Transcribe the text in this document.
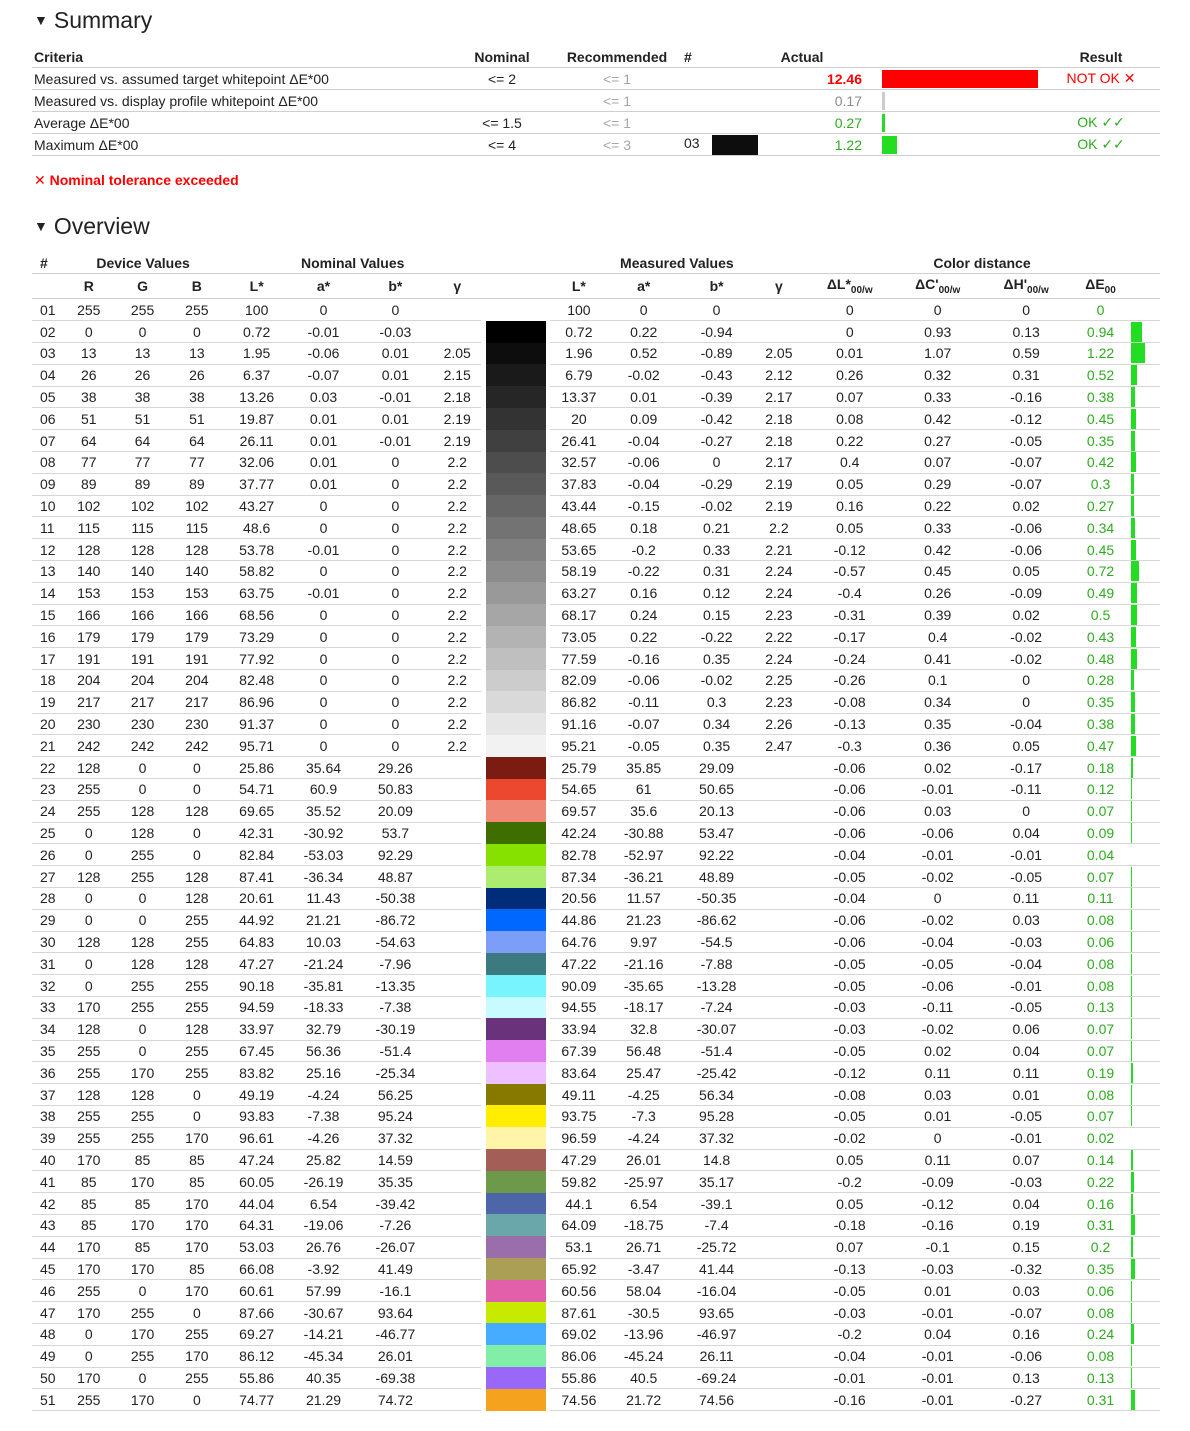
▼ Summary
Criteria	Nominal	Recommended	#	Actual			Result
Measured vs. assumed target whitepoint ΔE*00	<= 2	<= 1			12.46		NOT OK ✕
Measured vs. display profile whitepoint ΔE*00		<= 1			0.17	

Average ΔE*00	<= 1.5	<= 1			0.27		OK ✓✓
Maximum ΔE*00	<= 4	<= 3	03		1.22		OK ✓✓
✕ Nominal tolerance exceeded
▼ Overview
#	Device Values			Nominal Values					Measured Values				Color distance				
	R	G	B	L*	a*	b*	γ		L*	a*	b*	γ	$\Delta L*_{00/w}$	$\Delta C'_{00/w}$	$\Delta H'_{00/w}$	$\Delta E_{00}$	
01	255	255	255	100	0	0			100	0	0		0	0	0	0	

02	0	0	0	0.72	-0.01	-0.03			0.72	0.22	-0.94		0	0.93	0.13	0.94	

03	13	13	13	1.95	-0.06	0.01	2.05		1.96	0.52	-0.89	2.05	0.01	1.07	0.59	1.22	

04	26	26	26	6.37	-0.07	0.01	2.15		6.79	-0.02	-0.43	2.12	0.26	0.32	0.31	0.52	

05	38	38	38	13.26	0.03	-0.01	2.18		13.37	0.01	-0.39	2.17	0.07	0.33	-0.16	0.38	

06	51	51	51	19.87	0.01	0.01	2.19		20	0.09	-0.42	2.18	0.08	0.42	-0.12	0.45	

07	64	64	64	26.11	0.01	-0.01	2.19		26.41	-0.04	-0.27	2.18	0.22	0.27	-0.05	0.35	

08	77	77	77	32.06	0.01	0	2.2		32.57	-0.06	0	2.17	0.4	0.07	-0.07	0.42	

09	89	89	89	37.77	0.01	0	2.2		37.83	-0.04	-0.29	2.19	0.05	0.29	-0.07	0.3	

10	102	102	102	43.27	0	0	2.2		43.44	-0.15	-0.02	2.19	0.16	0.22	0.02	0.27	

11	115	115	115	48.6	0	0	2.2		48.65	0.18	0.21	2.2	0.05	0.33	-0.06	0.34	

12	128	128	128	53.78	-0.01	0	2.2		53.65	-0.2	0.33	2.21	-0.12	0.42	-0.06	0.45	

13	140	140	140	58.82	0	0	2.2		58.19	-0.22	0.31	2.24	-0.57	0.45	0.05	0.72	

14	153	153	153	63.75	-0.01	0	2.2		63.27	0.16	0.12	2.24	-0.4	0.26	-0.09	0.49	

15	166	166	166	68.56	0	0	2.2		68.17	0.24	0.15	2.23	-0.31	0.39	0.02	0.5	

16	179	179	179	73.29	0	0	2.2		73.05	0.22	-0.22	2.22	-0.17	0.4	-0.02	0.43	

17	191	191	191	77.92	0	0	2.2		77.59	-0.16	0.35	2.24	-0.24	0.41	-0.02	0.48	

18	204	204	204	82.48	0	0	2.2		82.09	-0.06	-0.02	2.25	-0.26	0.1	0	0.28	

19	217	217	217	86.96	0	0	2.2		86.82	-0.11	0.3	2.23	-0.08	0.34	0	0.35	

20	230	230	230	91.37	0	0	2.2		91.16	-0.07	0.34	2.26	-0.13	0.35	-0.04	0.38	

21	242	242	242	95.71	0	0	2.2		95.21	-0.05	0.35	2.47	-0.3	0.36	0.05	0.47	

22	128	0	0	25.86	35.64	29.26			25.79	35.85	29.09		-0.06	0.02	-0.17	0.18	

23	255	0	0	54.71	60.9	50.83			54.65	61	50.65		-0.06	-0.01	-0.11	0.12	

24	255	128	128	69.65	35.52	20.09			69.57	35.6	20.13		-0.06	0.03	0	0.07	

25	0	128	0	42.31	-30.92	53.7			42.24	-30.88	53.47		-0.06	-0.06	0.04	0.09	

26	0	255	0	82.84	-53.03	92.29			82.78	-52.97	92.22		-0.04	-0.01	-0.01	0.04	

27	128	255	128	87.41	-36.34	48.87			87.34	-36.21	48.89		-0.05	-0.02	-0.05	0.07	

28	0	0	128	20.61	11.43	-50.38			20.56	11.57	-50.35		-0.04	0	0.11	0.11	

29	0	0	255	44.92	21.21	-86.72			44.86	21.23	-86.62		-0.06	-0.02	0.03	0.08	

30	128	128	255	64.83	10.03	-54.63			64.76	9.97	-54.5		-0.06	-0.04	-0.03	0.06	

31	0	128	128	47.27	-21.24	-7.96			47.22	-21.16	-7.88		-0.05	-0.05	-0.04	0.08	

32	0	255	255	90.18	-35.81	-13.35			90.09	-35.65	-13.28		-0.05	-0.06	-0.01	0.08	

33	170	255	255	94.59	-18.33	-7.38			94.55	-18.17	-7.24		-0.03	-0.11	-0.05	0.13	

34	128	0	128	33.97	32.79	-30.19			33.94	32.8	-30.07		-0.03	-0.02	0.06	0.07	

35	255	0	255	67.45	56.36	-51.4			67.39	56.48	-51.4		-0.05	0.02	0.04	0.07	

36	255	170	255	83.82	25.16	-25.34			83.64	25.47	-25.42		-0.12	0.11	0.11	0.19	

37	128	128	0	49.19	-4.24	56.25			49.11	-4.25	56.34		-0.08	0.03	0.01	0.08	

38	255	255	0	93.83	-7.38	95.24			93.75	-7.3	95.28		-0.05	0.01	-0.05	0.07	

39	255	255	170	96.61	-4.26	37.32			96.59	-4.24	37.32		-0.02	0	-0.01	0.02	

40	170	85	85	47.24	25.82	14.59			47.29	26.01	14.8		0.05	0.11	0.07	0.14	

41	85	170	85	60.05	-26.19	35.35			59.82	-25.97	35.17		-0.2	-0.09	-0.03	0.22	

42	85	85	170	44.04	6.54	-39.42			44.1	6.54	-39.1		0.05	-0.12	0.04	0.16	

43	85	170	170	64.31	-19.06	-7.26			64.09	-18.75	-7.4		-0.18	-0.16	0.19	0.31	

44	170	85	170	53.03	26.76	-26.07			53.1	26.71	-25.72		0.07	-0.1	0.15	0.2	

45	170	170	85	66.08	-3.92	41.49			65.92	-3.47	41.44		-0.13	-0.03	-0.32	0.35	

46	255	0	170	60.61	57.99	-16.1			60.56	58.04	-16.04		-0.05	0.01	0.03	0.06	

47	170	255	0	87.66	-30.67	93.64			87.61	-30.5	93.65		-0.03	-0.01	-0.07	0.08	

48	0	170	255	69.27	-14.21	-46.77			69.02	-13.96	-46.97		-0.2	0.04	0.16	0.24	

49	0	255	170	86.12	-45.34	26.01			86.06	-45.24	26.11		-0.04	-0.01	-0.06	0.08	

50	170	0	255	55.86	40.35	-69.38			55.86	40.5	-69.24		-0.01	-0.01	0.13	0.13	

51	255	170	0	74.77	21.29	74.72			74.56	21.72	74.56		-0.16	-0.01	-0.27	0.31	
